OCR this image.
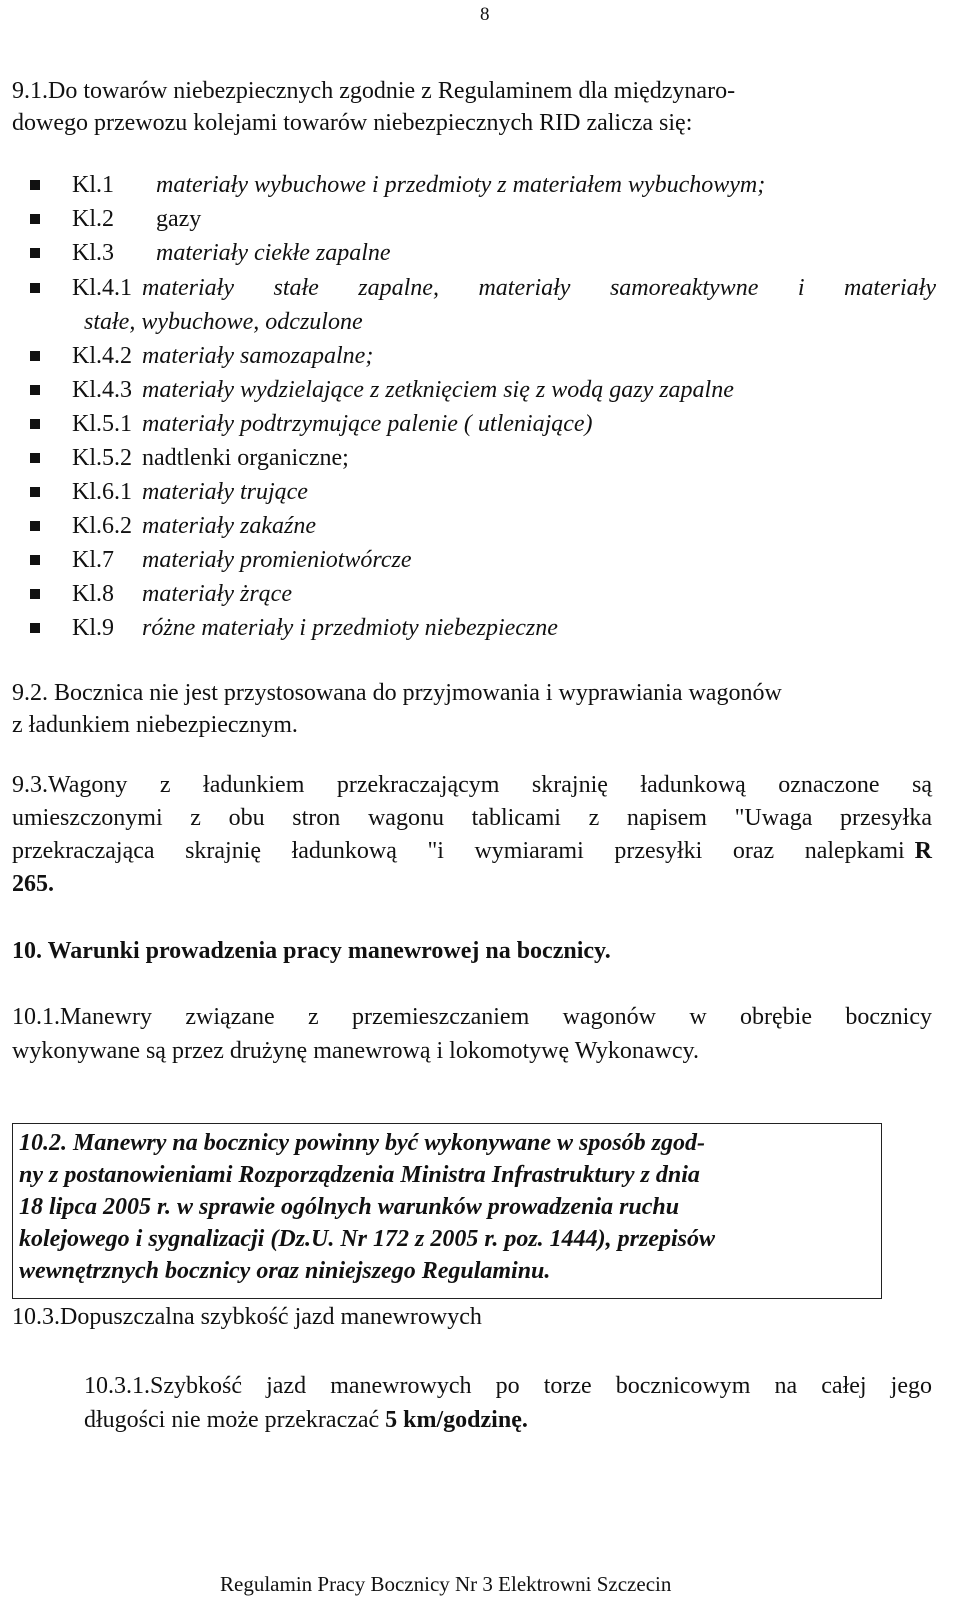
8
9.1.Do towarów niebezpiecznych zgodnie z Regulaminem dla międzynaro-
dowego przewozu kolejami towarów niebezpiecznych RID zalicza się:
Kl.1	materiały wybuchowe i przedmioty z materiałem wybuchowym;
Kl.2	gazy
Kl.3	materiały ciekłe zapalne
Kl.4.1 materiały stałe zapalne, materiały samoreaktywne i materiały
stałe, wybuchowe, odczulone
Kl.4.2 materiały samozapalne;
Kl.4.3 materiały wydzielające z zetknięciem się z wodą gazy zapalne
Kl.5.1 materiały podtrzymujące palenie ( utleniające)
Kl.5.2 nadtlenki organiczne;
Kl.6.1 materiały trujące
Kl.6.2 materiały zakaźne
Kl.7	materiały promieniotwórcze
Kl.8	materiały żrące
Kl.9	różne materiały i przedmioty niebezpieczne
9.2. Bocznica nie jest przystosowana do przyjmowania i wyprawiania wagonów
z ładunkiem niebezpiecznym.
9.3.Wagony z ładunkiem przekraczającym skrajnię ładunkową oznaczone są
umieszczonymi z obu stron wagonu tablicami z napisem "Uwaga przesyłka
przekraczająca skrajnię ładunkową "i wymiarami przesyłki oraz nalepkami R
265.
10. Warunki prowadzenia pracy manewrowej na bocznicy.
10.1.Manewry związane z przemieszczaniem wagonów w obrębie bocznicy
wykonywane są przez drużynę manewrową i lokomotywę Wykonawcy.
10.2. Manewry na bocznicy powinny być wykonywane w sposób zgod-
ny z postanowieniami Rozporządzenia Ministra Infrastruktury z dnia
18 lipca 2005 r. w sprawie ogólnych warunków prowadzenia ruchu
kolejowego i sygnalizacji (Dz.U. Nr 172 z 2005 r. poz. 1444), przepisów
wewnętrznych bocznicy oraz niniejszego Regulaminu.
10.3.Dopuszczalna szybkość jazd manewrowych
10.3.1.Szybkość jazd manewrowych po torze bocznicowym na całej jego
długości nie może przekraczać 5 km/godzinę.
Regulamin Pracy Bocznicy Nr 3 Elektrowni Szczecin
